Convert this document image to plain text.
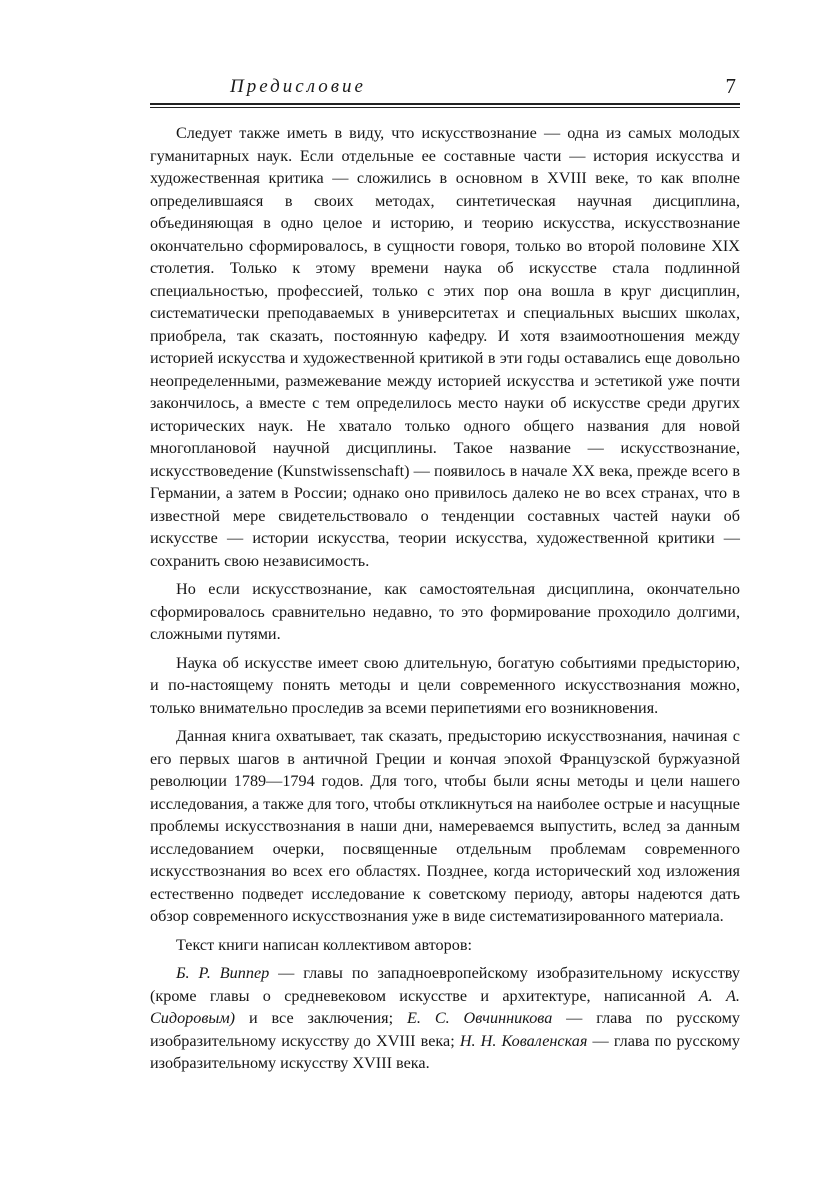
Предисловие	7

Следует также иметь в виду, что искусствознание — одна из самых молодых гуманитарных наук. Если отдельные ее составные части — история искусства и художественная критика — сложились в основном в XVIII веке, то как вполне определившаяся в своих методах, синтетическая научная дисциплина, объединяющая в одно целое и историю, и теорию искусства, искусствознание окончательно сформировалось, в сущности говоря, только во второй половине XIX столетия. Только к этому времени наука об искусстве стала подлинной специальностью, профессией, только с этих пор она вошла в круг дисциплин, систематически преподаваемых в университетах и специальных высших школах, приобрела, так сказать, постоянную кафедру. И хотя взаимоотношения между историей искусства и художественной критикой в эти годы оставались еще довольно неопределенными, размежевание между историей искусства и эстетикой уже почти закончилось, а вместе с тем определилось место науки об искусстве среди других исторических наук. Не хватало только одного общего названия для новой многоплановой научной дисциплины. Такое название — искусствознание, искусствоведение (Kunstwissenschaft) — появилось в начале XX века, прежде всего в Германии, а затем в России; однако оно привилось далеко не во всех странах, что в известной мере свидетельствовало о тенденции составных частей науки об искусстве — истории искусства, теории искусства, художественной критики — сохранить свою независимость.

Но если искусствознание, как самостоятельная дисциплина, окончательно сформировалось сравнительно недавно, то это формирование проходило долгими, сложными путями.

Наука об искусстве имеет свою длительную, богатую событиями предысторию, и по-настоящему понять методы и цели современного искусствознания можно, только внимательно проследив за всеми перипетиями его возникновения.

Данная книга охватывает, так сказать, предысторию искусствознания, начиная с его первых шагов в античной Греции и кончая эпохой Французской буржуазной революции 1789—1794 годов. Для того, чтобы были ясны методы и цели нашего исследования, а также для того, чтобы откликнуться на наиболее острые и насущные проблемы искусствознания в наши дни, намереваемся выпустить, вслед за данным исследованием очерки, посвященные отдельным проблемам современного искусствознания во всех его областях. Позднее, когда исторический ход изложения естественно подведет исследование к советскому периоду, авторы надеются дать обзор современного искусствознания уже в виде систематизированного материала.

Текст книги написан коллективом авторов:

Б. Р. Виппер — главы по западноевропейскому изобразительному искусству (кроме главы о средневековом искусстве и архитектуре, написанной А. А. Сидоровым) и все заключения; Е. С. Овчинникова — глава по русскому изобразительному искусству до XVIII века; Н. Н. Коваленская — глава по русскому изобразительному искусству XVIII века.
